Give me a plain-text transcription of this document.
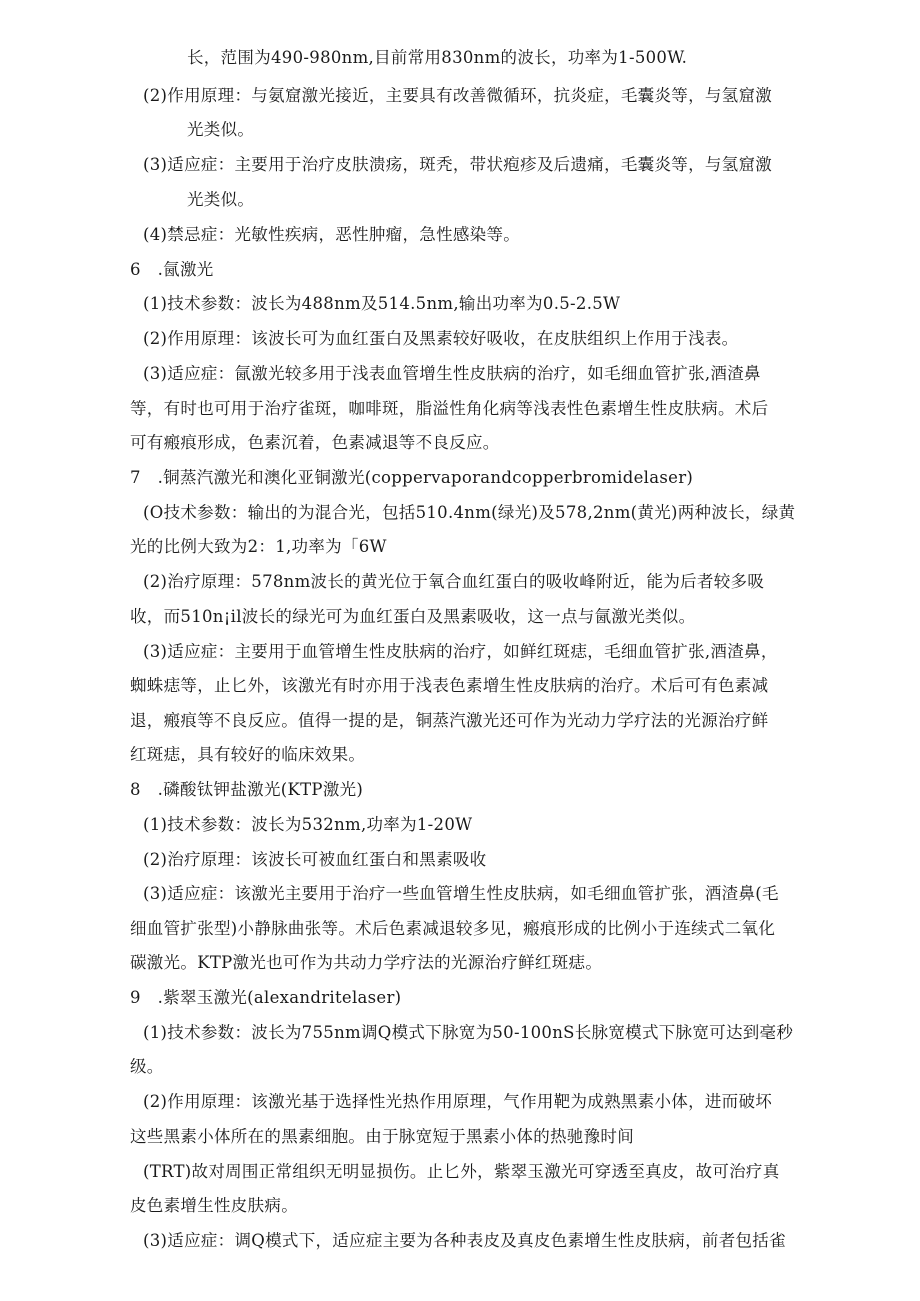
长，范围为490-980nm,目前常用830nm的波长，功率为1-500W.
(2)作用原理：与氨窟激光接近，主要具有改善微循环，抗炎症，毛囊炎等，与氢窟激
光类似。
(3)适应症：主要用于治疗皮肤溃疡，斑秃，带状疱疹及后遗痛，毛囊炎等，与氢窟激
光类似。
(4)禁忌症：光敏性疾病，恶性肿瘤，急性感染等。
6　.氤激光
(1)技术参数：波长为488nm及514.5nm,输出功率为0.5-2.5W
(2)作用原理：该波长可为血红蛋白及黑素较好吸收，在皮肤组织上作用于浅表。
(3)适应症：氤激光较多用于浅表血管增生性皮肤病的治疗，如毛细血管扩张,酒渣鼻
等，有时也可用于治疗雀斑，咖啡斑，脂溢性角化病等浅表性色素增生性皮肤病。术后
可有瘢痕形成，色素沉着，色素减退等不良反应。
7　.铜蒸汽激光和澳化亚铜激光(coppervaporandcopperbromidelaser)
(O技术参数：输出的为混合光，包括510.4nm(绿光)及578,2nm(黄光)两种波长，绿黄
光的比例大致为2：1,功率为「6W
(2)治疗原理：578nm波长的黄光位于氧合血红蛋白的吸收峰附近，能为后者较多吸
收，而510n¡il波长的绿光可为血红蛋白及黑素吸收，这一点与氤激光类似。
(3)适应症：主要用于血管增生性皮肤病的治疗，如鲜红斑痣，毛细血管扩张,酒渣鼻，
蜘蛛痣等，止匕外，该激光有时亦用于浅表色素增生性皮肤病的治疗。术后可有色素减
退，瘢痕等不良反应。值得一提的是，铜蒸汽激光还可作为光动力学疗法的光源治疗鲜
红斑痣，具有较好的临床效果。
8　.磷酸钛钾盐激光(KTP激光)
(1)技术参数：波长为532nm,功率为1-20W
(2)治疗原理：该波长可被血红蛋白和黑素吸收
(3)适应症：该激光主要用于治疗一些血管增生性皮肤病，如毛细血管扩张，酒渣鼻(毛
细血管扩张型)小静脉曲张等。术后色素减退较多见，瘢痕形成的比例小于连续式二氧化
碳激光。KTP激光也可作为共动力学疗法的光源治疗鲜红斑痣。
9　.紫翠玉激光(alexandritelaser)
(1)技术参数：波长为755nm调Q模式下脉宽为50-100nS长脉宽模式下脉宽可达到毫秒
级。
(2)作用原理：该激光基于选择性光热作用原理，气作用靶为成熟黑素小体，进而破坏
这些黑素小体所在的黑素细胞。由于脉宽短于黑素小体的热驰豫时间
(TRT)故对周围正常组织无明显损伤。止匕外，紫翠玉激光可穿透至真皮，故可治疗真
皮色素增生性皮肤病。
(3)适应症：调Q模式下，适应症主要为各种表皮及真皮色素增生性皮肤病，前者包括雀
